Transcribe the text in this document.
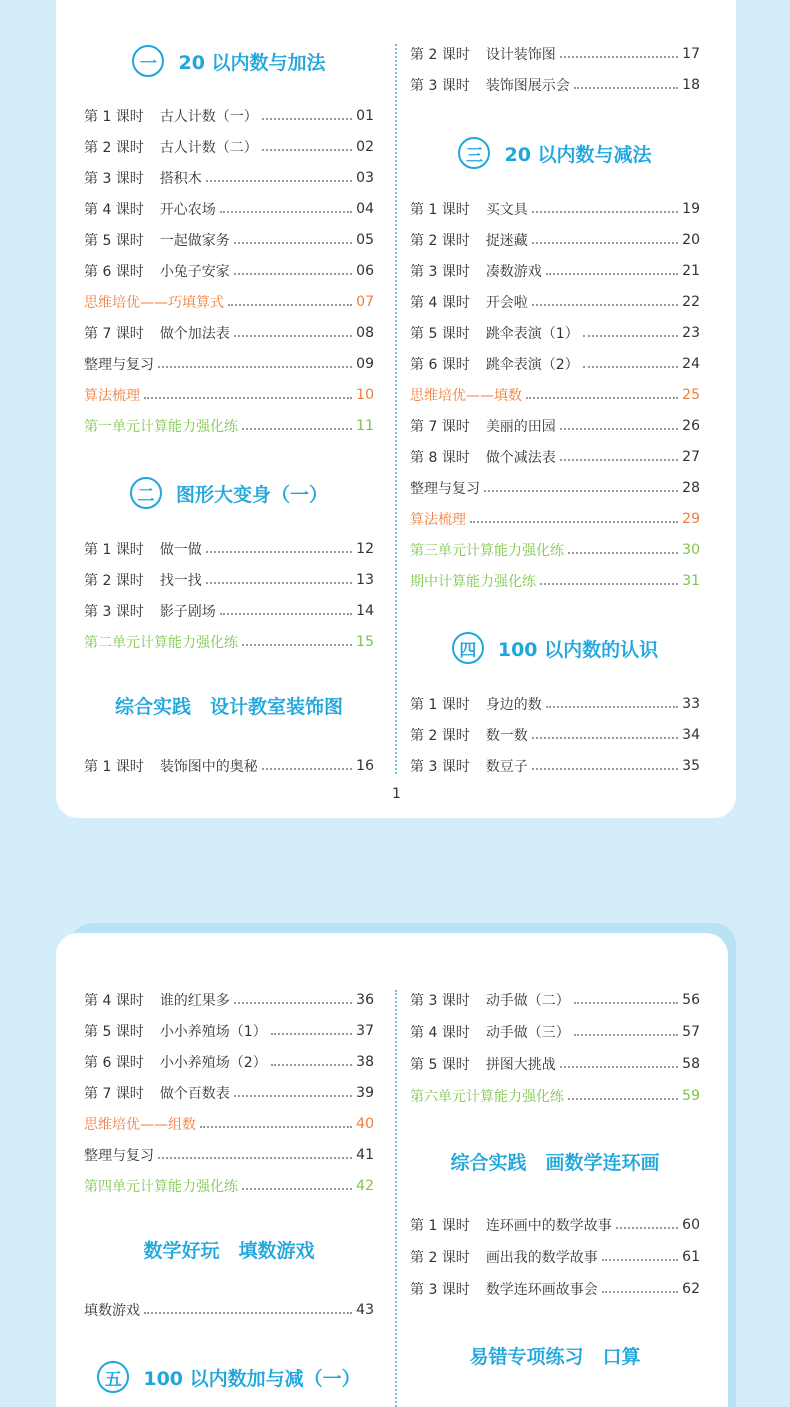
一	20 以内数与加法
二	图形大变身（一）
综合实践　设计教室装饰图
第 1 课时 古人计数（一）	01
第 2 课时 古人计数（二）	02
第 3 课时 搭积木	03
第 4 课时 开心农场	04
第 5 课时 一起做家务	05
第 6 课时 小兔子安家	06
思维培优——巧填算式	07
第 7 课时 做个加法表	08
整理与复习	09
算法梳理	10
第一单元计算能力强化练	11
第 1 课时 做一做	12
第 2 课时 找一找	13
第 3 课时 影子剧场	14
第二单元计算能力强化练	15
第 1 课时 装饰图中的奥秘	16
三	20 以内数与减法
四	100 以内数的认识
第 2 课时 设计装饰图	17
第 3 课时 装饰图展示会	18
第 1 课时 买文具	19
第 2 课时 捉迷藏	20
第 3 课时 凑数游戏	21
第 4 课时 开会啦	22
第 5 课时 跳伞表演（1）	23
第 6 课时 跳伞表演（2）	24
思维培优——填数	25
第 7 课时 美丽的田园	26
第 8 课时 做个减法表	27
整理与复习	28
算法梳理	29
第三单元计算能力强化练	30
期中计算能力强化练	31
第 1 课时 身边的数	33
第 2 课时 数一数	34
第 3 课时 数豆子	35
1
数学好玩　填数游戏
五	100 以内数加与减（一）
第 4 课时 谁的红果多	36
第 5 课时 小小养殖场（1）	37
第 6 课时 小小养殖场（2）	38
第 7 课时 做个百数表	39
思维培优——组数	40
整理与复习	41
第四单元计算能力强化练	42
填数游戏	43
综合实践　画数学连环画
易错专项练习　口算
第 3 课时 动手做（二）	56
第 4 课时 动手做（三）	57
第 5 课时 拼图大挑战	58
第六单元计算能力强化练	59
第 1 课时 连环画中的数学故事	60
第 2 课时 画出我的数学故事	61
第 3 课时 数学连环画故事会	62
